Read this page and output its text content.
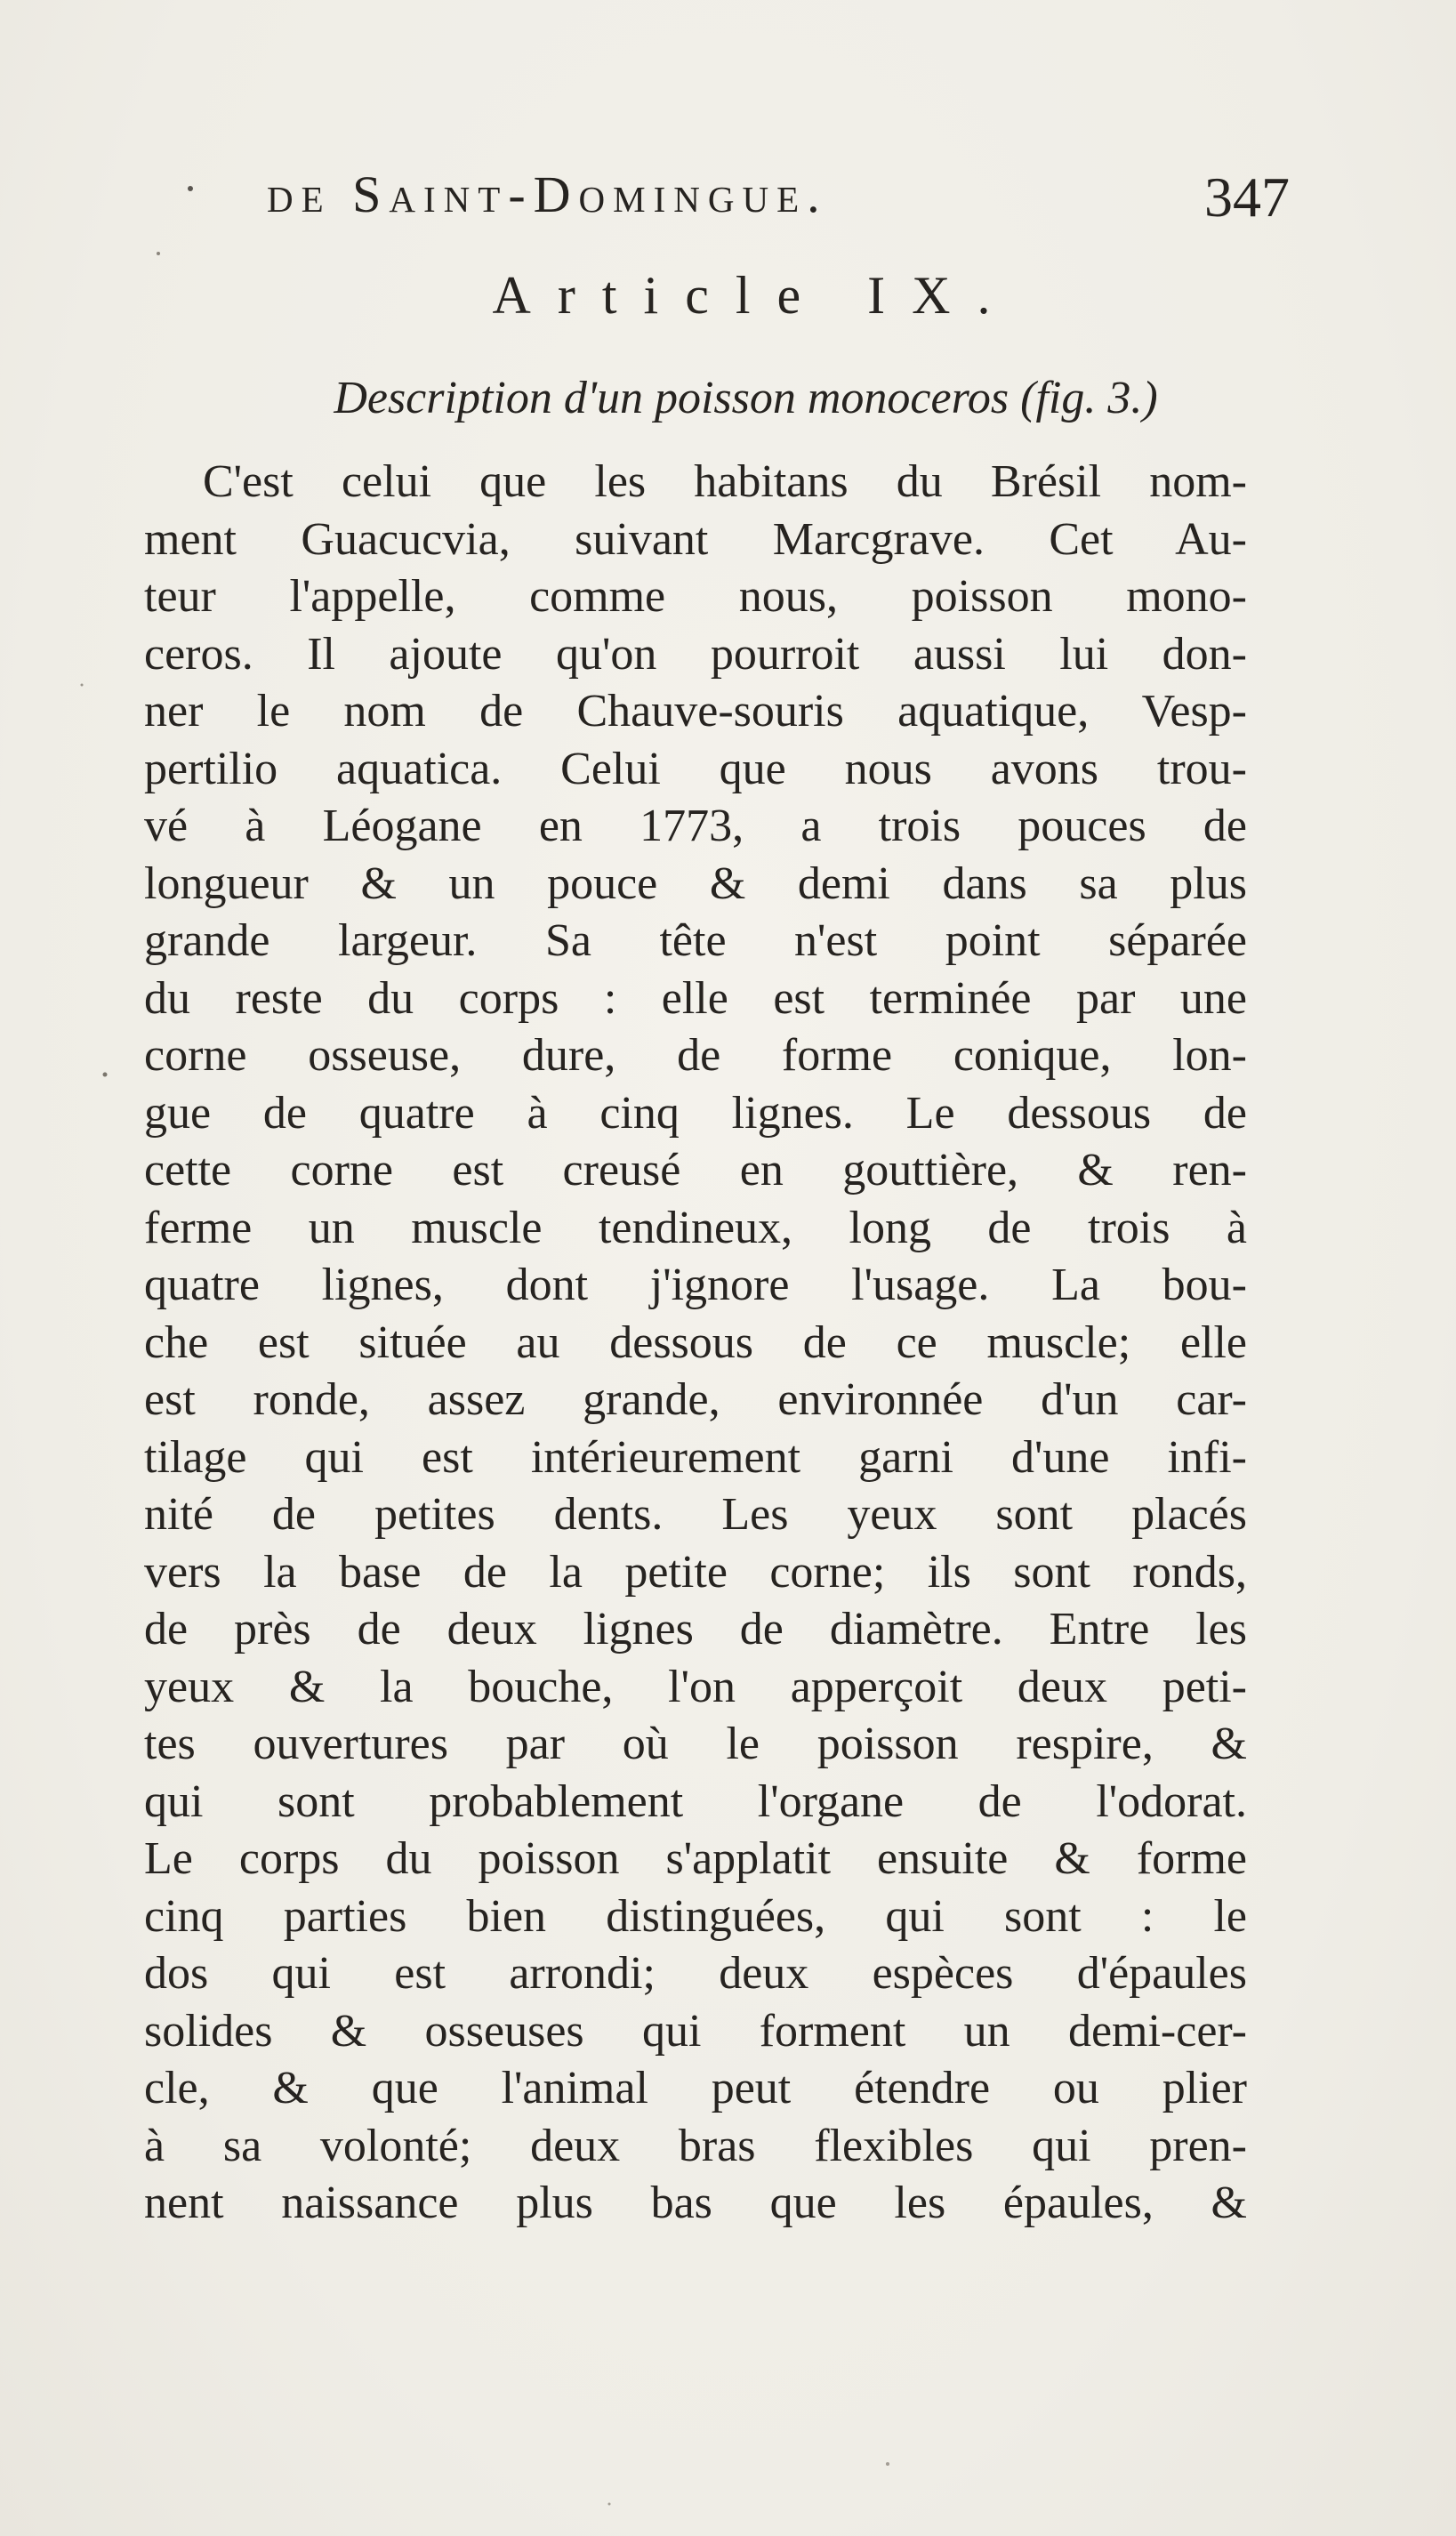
de Saint-Domingue.	347
Article IX.
Description d'un poisson monoceros (fig. 3.)
C'est celui que les habitans du Brésil nom-
ment Guacucvia, suivant Marcgrave. Cet Au-
teur l'appelle, comme nous, poisson mono-
ceros. Il ajoute qu'on pourroit aussi lui don-
ner le nom de Chauve-souris aquatique, Vesp-
pertilio aquatica. Celui que nous avons trou-
vé à Léogane en 1773, a trois pouces de
longueur & un pouce & demi dans sa plus
grande largeur. Sa tête n'est point séparée
du reste du corps : elle est terminée par une
corne osseuse, dure, de forme conique, lon-
gue de quatre à cinq lignes. Le dessous de
cette corne est creusé en gouttière, & ren-
ferme un muscle tendineux, long de trois à
quatre lignes, dont j'ignore l'usage. La bou-
che est située au dessous de ce muscle; elle
est ronde, assez grande, environnée d'un car-
tilage qui est intérieurement garni d'une infi-
nité de petites dents. Les yeux sont placés
vers la base de la petite corne; ils sont ronds,
de près de deux lignes de diamètre. Entre les
yeux & la bouche, l'on apperçoit deux peti-
tes ouvertures par où le poisson respire, &
qui sont probablement l'organe de l'odorat.
Le corps du poisson s'applatit ensuite & forme
cinq parties bien distinguées, qui sont : le
dos qui est arrondi; deux espèces d'épaules
solides & osseuses qui forment un demi-cer-
cle, & que l'animal peut étendre ou plier
à sa volonté; deux bras flexibles qui pren-
nent naissance plus bas que les épaules, &
